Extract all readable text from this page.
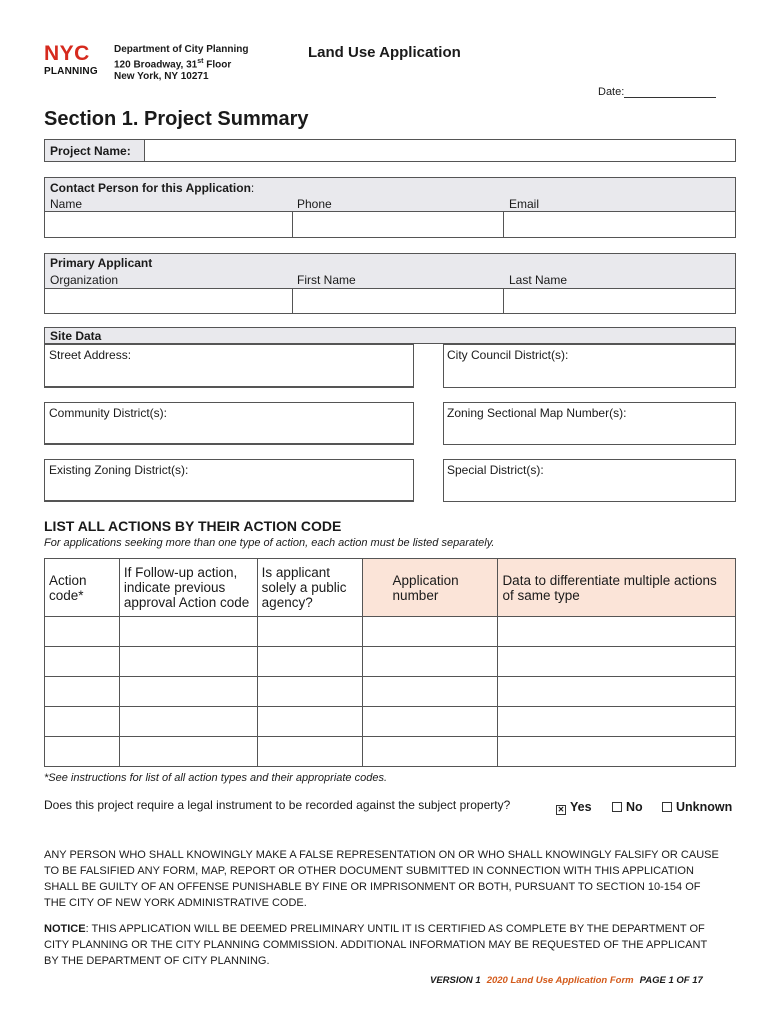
NYC
PLANNING
Department of City Planning
120 Broadway, 31st Floor
New York, NY 10271
Land Use Application
Date:
Section 1. Project Summary
Project Name:
Contact Person for this Application:
Name	Phone	Email
Primary Applicant
Organization	First Name	Last Name
Site Data
Street Address:	City Council District(s):
Community District(s):	Zoning Sectional Map Number(s):
Existing Zoning District(s):	Special District(s):
LIST ALL ACTIONS BY THEIR ACTION CODE
For applications seeking more than one type of action, each action must be listed separately.
Action code*	If Follow-up action, indicate previous approval Action code	Is applicant solely a public agency?	Application number	Data to differentiate multiple actions of same type

*See instructions for list of all action types and their appropriate codes.
Does this project require a legal instrument to be recorded against the subject property?	✕ Yes	No	Unknown
ANY PERSON WHO SHALL KNOWINGLY MAKE A FALSE REPRESENTATION ON OR WHO SHALL KNOWINGLY FALSIFY OR CAUSE TO BE FALSIFIED ANY FORM, MAP, REPORT OR OTHER DOCUMENT SUBMITTED IN CONNECTION WITH THIS APPLICATION SHALL BE GUILTY OF AN OFFENSE PUNISHABLE BY FINE OR IMPRISONMENT OR BOTH, PURSUANT TO SECTION 10-154 OF THE CITY OF NEW YORK ADMINISTRATIVE CODE.
NOTICE: THIS APPLICATION WILL BE DEEMED PRELIMINARY UNTIL IT IS CERTIFIED AS COMPLETE BY THE DEPARTMENT OF CITY PLANNING OR THE CITY PLANNING COMMISSION. ADDITIONAL INFORMATION MAY BE REQUESTED OF THE APPLICANT BY THE DEPARTMENT OF CITY PLANNING.
VERSION 1 2020 Land Use Application Form PAGE 1 OF 17
